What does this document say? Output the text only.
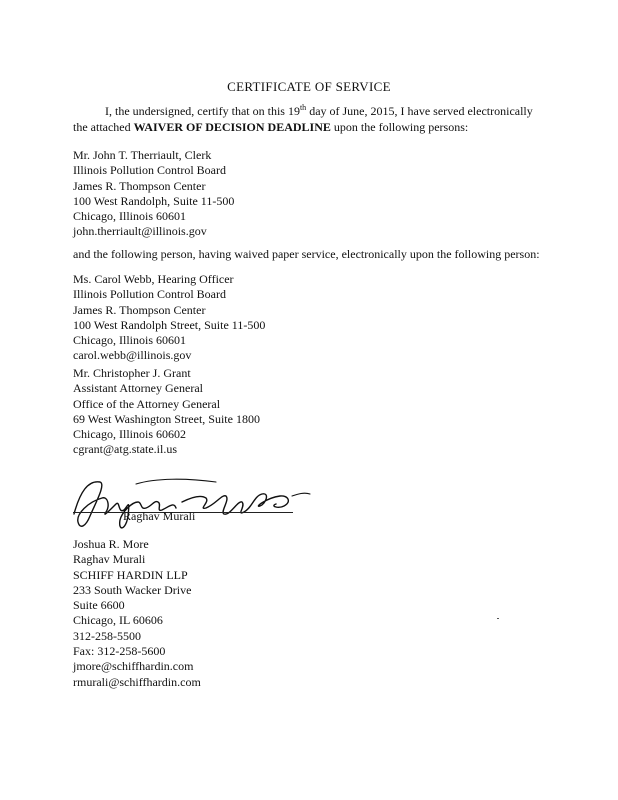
CERTIFICATE OF SERVICE
I, the undersigned, certify that on this 19th day of June, 2015, I have served electronically
the attached WAIVER OF DECISION DEADLINE upon the following persons:
Mr. John T. Therriault, Clerk
Illinois Pollution Control Board
James R. Thompson Center
100 West Randolph, Suite 11-500
Chicago, Illinois 60601
john.therriault@illinois.gov
and the following person, having waived paper service, electronically upon the following person:
Ms. Carol Webb, Hearing Officer
Illinois Pollution Control Board
James R. Thompson Center
100 West Randolph Street, Suite 11-500
Chicago, Illinois 60601
carol.webb@illinois.gov
Mr. Christopher J. Grant
Assistant Attorney General
Office of the Attorney General
69 West Washington Street, Suite 1800
Chicago, Illinois 60602
cgrant@atg.state.il.us
Raghav Murali
Joshua R. More
Raghav Murali
SCHIFF HARDIN LLP
233 South Wacker Drive
Suite 6600
Chicago, IL 60606
312-258-5500
Fax: 312-258-5600
jmore@schiffhardin.com
rmurali@schiffhardin.com
